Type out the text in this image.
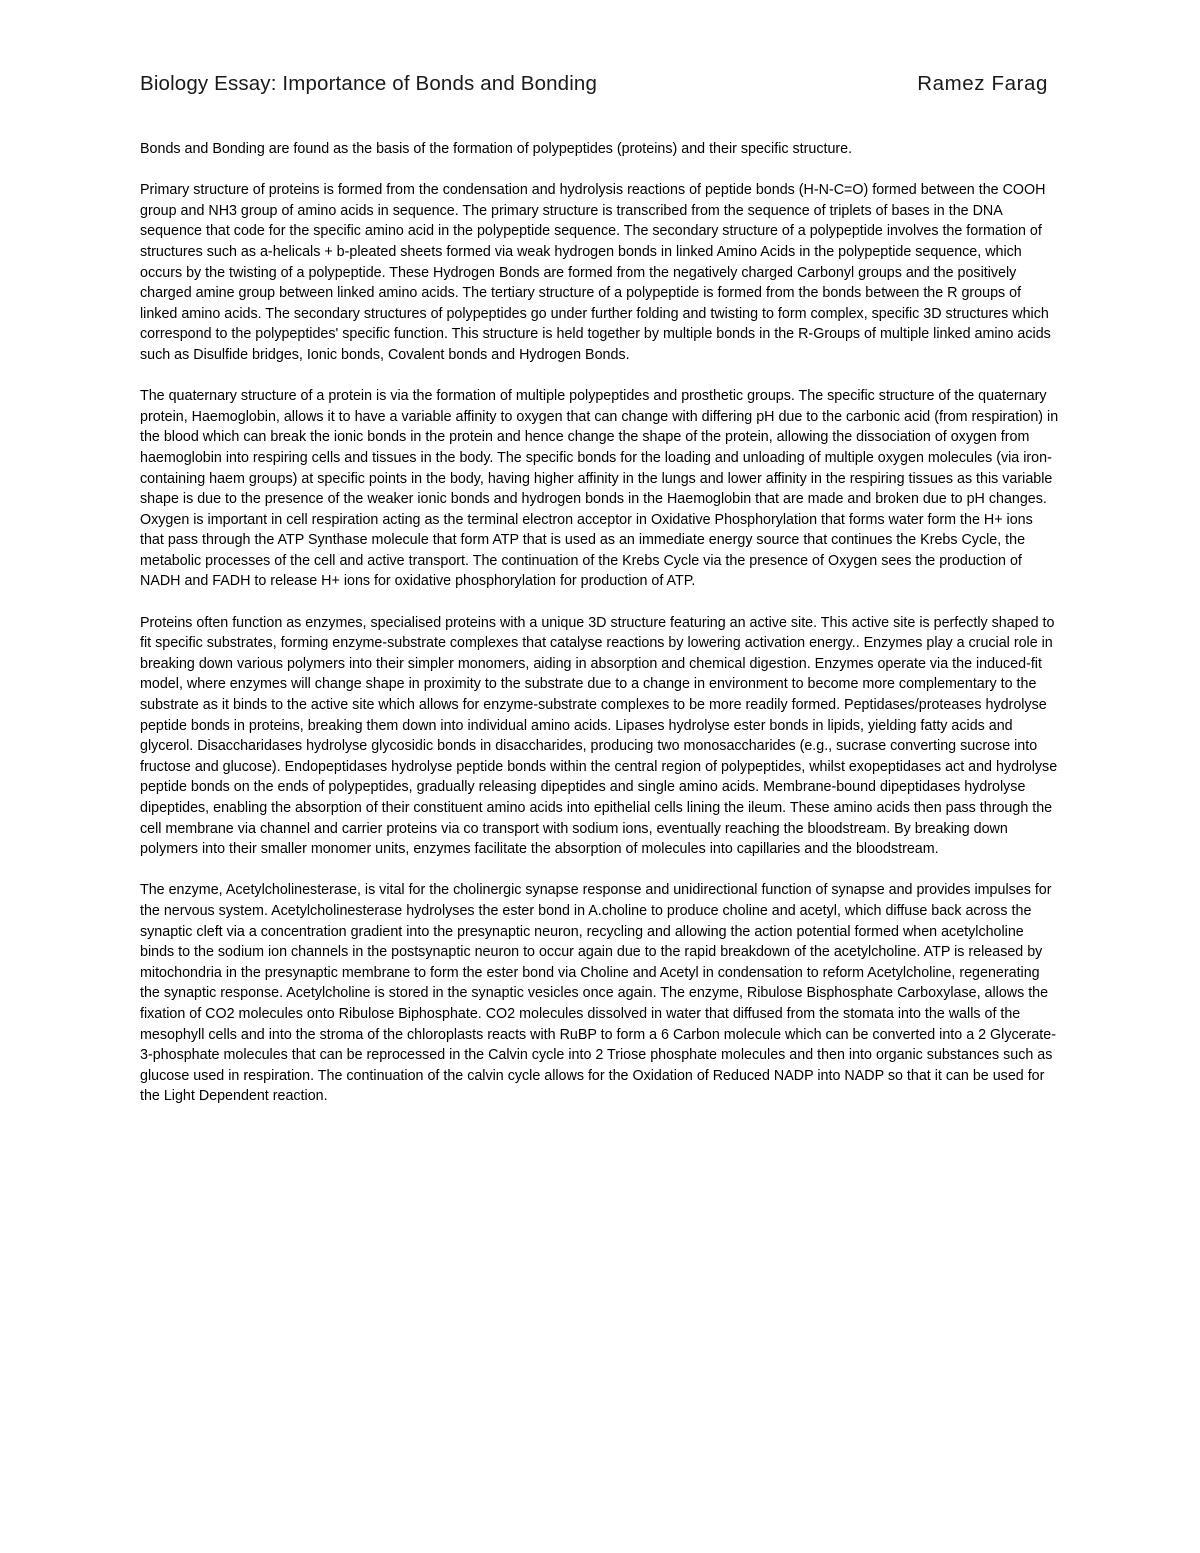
Biology Essay: Importance of Bonds and Bonding	Ramez Farag

Bonds and Bonding are found as the basis of the formation of polypeptides (proteins) and their specific structure.

Primary structure of proteins is formed from the condensation and hydrolysis reactions of peptide bonds (H-N-C=O) formed between the COOH group and NH3 group of amino acids in sequence. The primary structure is transcribed from the sequence of triplets of bases in the DNA sequence that code for the specific amino acid in the polypeptide sequence. The secondary structure of a polypeptide involves the formation of structures such as a-helicals + b-pleated sheets formed via weak hydrogen bonds in linked Amino Acids in the polypeptide sequence, which occurs by the twisting of a polypeptide. These Hydrogen Bonds are formed from the negatively charged Carbonyl groups and the positively charged amine group between linked amino acids. The tertiary structure of a polypeptide is formed from the bonds between the R groups of linked amino acids. The secondary structures of polypeptides go under further folding and twisting to form complex, specific 3D structures which correspond to the polypeptides' specific function. This structure is held together by multiple bonds in the R-Groups of multiple linked amino acids such as Disulfide bridges, Ionic bonds, Covalent bonds and Hydrogen Bonds.

The quaternary structure of a protein is via the formation of multiple polypeptides and prosthetic groups. The specific structure of the quaternary protein, Haemoglobin, allows it to have a variable affinity to oxygen that can change with differing pH due to the carbonic acid (from respiration) in the blood which can break the ionic bonds in the protein and hence change the shape of the protein, allowing the dissociation of oxygen from haemoglobin into respiring cells and tissues in the body. The specific bonds for the loading and unloading of multiple oxygen molecules (via iron-containing haem groups) at specific points in the body, having higher affinity in the lungs and lower affinity in the respiring tissues as this variable shape is due to the presence of the weaker ionic bonds and hydrogen bonds in the Haemoglobin that are made and broken due to pH changes. Oxygen is important in cell respiration acting as the terminal electron acceptor in Oxidative Phosphorylation that forms water form the H+ ions that pass through the ATP Synthase molecule that form ATP that is used as an immediate energy source that continues the Krebs Cycle, the metabolic processes of the cell and active transport. The continuation of the Krebs Cycle via the presence of Oxygen sees the production of NADH and FADH to release H+ ions for oxidative phosphorylation for production of ATP.

Proteins often function as enzymes, specialised proteins with a unique 3D structure featuring an active site. This active site is perfectly shaped to fit specific substrates, forming enzyme-substrate complexes that catalyse reactions by lowering activation energy.. Enzymes play a crucial role in breaking down various polymers into their simpler monomers, aiding in absorption and chemical digestion. Enzymes operate via the induced-fit model, where enzymes will change shape in proximity to the substrate due to a change in environment to become more complementary to the substrate as it binds to the active site which allows for enzyme-substrate complexes to be more readily formed. Peptidases/proteases hydrolyse peptide bonds in proteins, breaking them down into individual amino acids. Lipases hydrolyse ester bonds in lipids, yielding fatty acids and glycerol. Disaccharidases hydrolyse glycosidic bonds in disaccharides, producing two monosaccharides (e.g., sucrase converting sucrose into fructose and glucose). Endopeptidases hydrolyse peptide bonds within the central region of polypeptides, whilst exopeptidases act and hydrolyse peptide bonds on the ends of polypeptides, gradually releasing dipeptides and single amino acids. Membrane-bound dipeptidases hydrolyse dipeptides, enabling the absorption of their constituent amino acids into epithelial cells lining the ileum. These amino acids then pass through the cell membrane via channel and carrier proteins via co transport with sodium ions, eventually reaching the bloodstream. By breaking down polymers into their smaller monomer units, enzymes facilitate the absorption of molecules into capillaries and the bloodstream.

The enzyme, Acetylcholinesterase, is vital for the cholinergic synapse response and unidirectional function of synapse and provides impulses for the nervous system. Acetylcholinesterase hydrolyses the ester bond in A.choline to produce choline and acetyl, which diffuse back across the synaptic cleft via a concentration gradient into the presynaptic neuron, recycling and allowing the action potential formed when acetylcholine binds to the sodium ion channels in the postsynaptic neuron to occur again due to the rapid breakdown of the acetylcholine. ATP is released by mitochondria in the presynaptic membrane to form the ester bond via Choline and Acetyl in condensation to reform Acetylcholine, regenerating the synaptic response. Acetylcholine is stored in the synaptic vesicles once again. The enzyme, Ribulose Bisphosphate Carboxylase, allows the fixation of CO2 molecules onto Ribulose Biphosphate. CO2 molecules dissolved in water that diffused from the stomata into the walls of the mesophyll cells and into the stroma of the chloroplasts reacts with RuBP to form a 6 Carbon molecule which can be converted into a 2 Glycerate-3-phosphate molecules that can be reprocessed in the Calvin cycle into 2 Triose phosphate molecules and then into organic substances such as glucose used in respiration. The continuation of the calvin cycle allows for the Oxidation of Reduced NADP into NADP so that it can be used for the Light Dependent reaction.
